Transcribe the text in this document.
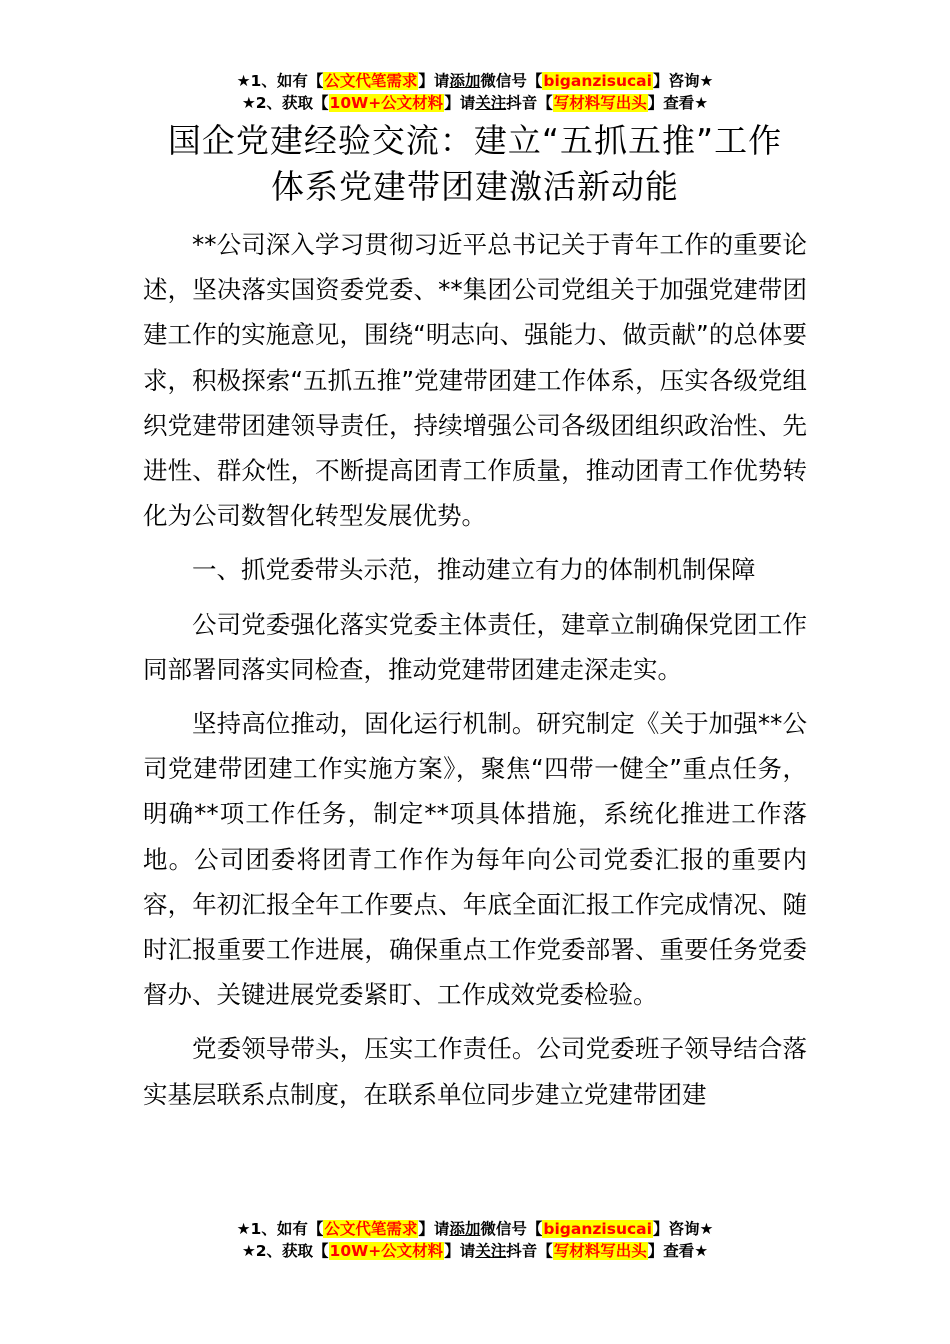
★1、如有【公文代笔需求】请添加微信号【biganzisucai】咨询★
★2、获取【10W+公文材料】请关注抖音【写材料写出头】查看★
国企党建经验交流：建立“五抓五推”工作
体系党建带团建激活新动能

**公司深入学习贯彻习近平总书记关于青年工作的重要论述，坚决落实国资委党委、**集团公司党组关于加强党建带团建工作的实施意见，围绕“明志向、强能力、做贡献”的总体要求，积极探索“五抓五推”党建带团建工作体系，压实各级党组织党建带团建领导责任，持续增强公司各级团组织政治性、先进性、群众性，不断提高团青工作质量，推动团青工作优势转化为公司数智化转型发展优势。

一、抓党委带头示范，推动建立有力的体制机制保障

公司党委强化落实党委主体责任，建章立制确保党团工作同部署同落实同检查，推动党建带团建走深走实。

坚持高位推动，固化运行机制。研究制定《关于加强**公司党建带团建工作实施方案》，聚焦“四带一健全”重点任务，明确**项工作任务，制定**项具体措施，系统化推进工作落地。公司团委将团青工作作为每年向公司党委汇报的重要内容，年初汇报全年工作要点、年底全面汇报工作完成情况、随时汇报重要工作进展，确保重点工作党委部署、重要任务党委督办、关键进展党委紧盯、工作成效党委检验。

党委领导带头，压实工作责任。公司党委班子领导结合落实基层联系点制度，在联系单位同步建立党建带团建

★1、如有【公文代笔需求】请添加微信号【biganzisucai】咨询★
★2、获取【10W+公文材料】请关注抖音【写材料写出头】查看★
